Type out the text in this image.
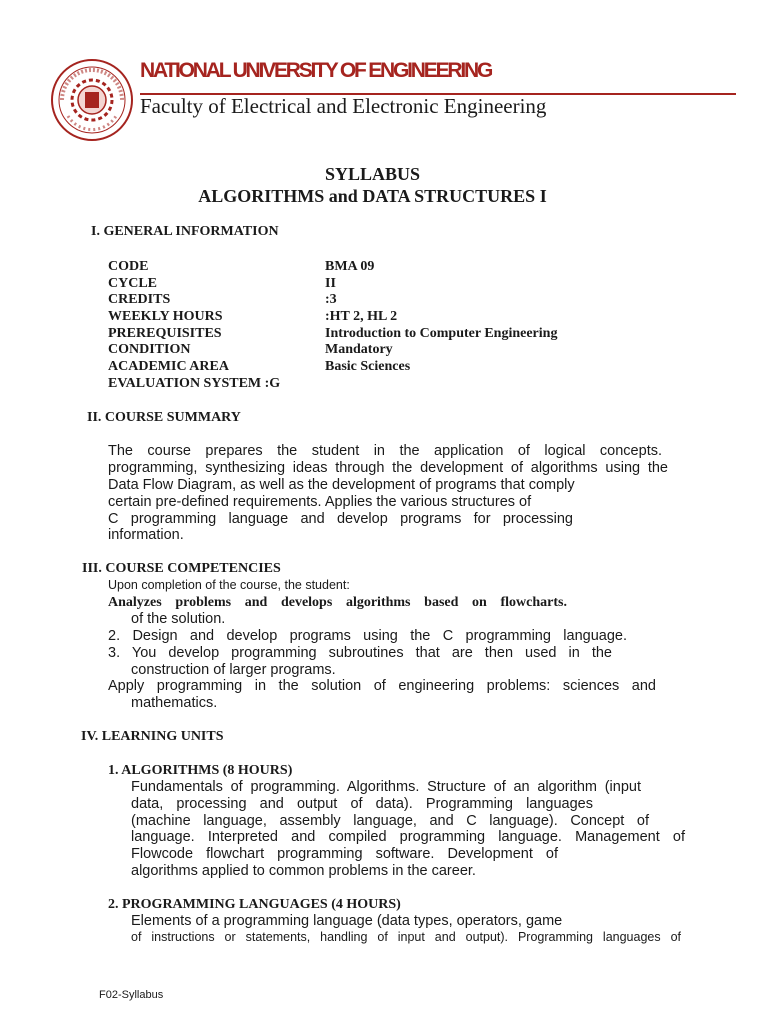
NATIONAL UNIVERSITY OF ENGINEERING
Faculty of Electrical and Electronic Engineering
SYLLABUS
ALGORITHMS and DATA STRUCTURES I
I. GENERAL INFORMATION
CODE	BMA 09
CYCLE	II
CREDITS	:3
WEEKLY HOURS	:HT 2, HL 2
PREREQUISITES	Introduction to Computer Engineering
CONDITION	Mandatory
ACADEMIC AREA	Basic Sciences
EVALUATION SYSTEM :G
II. COURSE SUMMARY
The course prepares the student in the application of logical concepts.
programming, synthesizing ideas through the development of algorithms using the
Data Flow Diagram, as well as the development of programs that comply
certain pre-defined requirements. Applies the various structures of
C programming language and develop programs for processing
information.
III. COURSE COMPETENCIES
Upon completion of the course, the student:
Analyzes problems and develops algorithms based on flowcharts.
of the solution.
2. Design and develop programs using the C programming language.
3. You develop programming subroutines that are then used in the
construction of larger programs.
Apply programming in the solution of engineering problems: sciences and
mathematics.
IV. LEARNING UNITS
1. ALGORITHMS (8 HOURS)
Fundamentals of programming. Algorithms. Structure of an algorithm (input
data, processing and output of data). Programming languages
(machine language, assembly language, and C language). Concept of
language. Interpreted and compiled programming language. Management of
Flowcode flowchart programming software. Development of
algorithms applied to common problems in the career.
2. PROGRAMMING LANGUAGES (4 HOURS)
Elements of a programming language (data types, operators, game
of instructions or statements, handling of input and output). Programming languages of
F02-Syllabus
